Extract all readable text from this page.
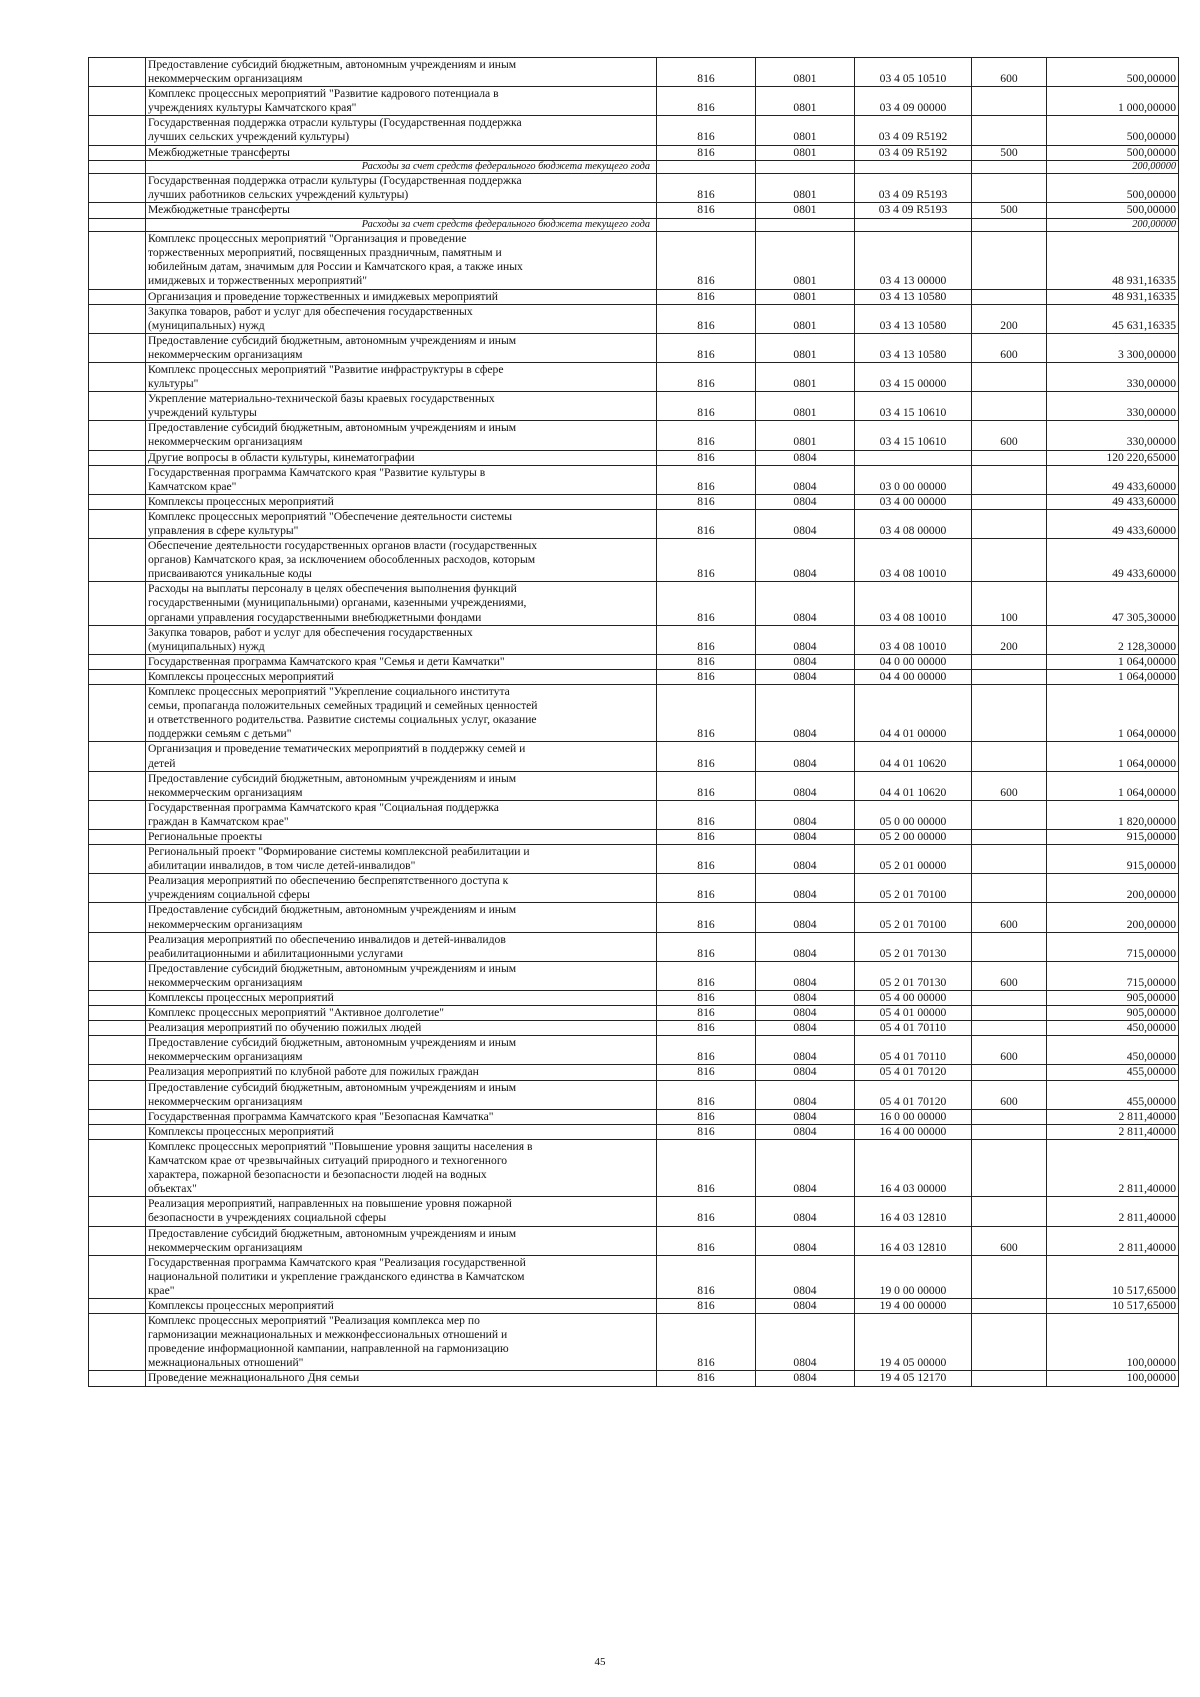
	Предоставление субсидий бюджетным, автономным учреждениям и иным
некоммерческим организациям	816	0801	03 4 05 10510	600	500,00000
	Комплекс процессных мероприятий "Развитие кадрового потенциала в
учреждениях культуры Камчатского края"	816	0801	03 4 09 00000		1 000,00000
	Государственная поддержка отрасли культуры (Государственная поддержка
лучших сельских учреждений культуры)	816	0801	03 4 09 R5192		500,00000
	Межбюджетные трансферты	816	0801	03 4 09 R5192	500	500,00000
	Расходы за счет средств федерального бюджета текущего года					200,00000
	Государственная поддержка отрасли культуры (Государственная поддержка
лучших работников сельских учреждений культуры)	816	0801	03 4 09 R5193		500,00000
	Межбюджетные трансферты	816	0801	03 4 09 R5193	500	500,00000
	Расходы за счет средств федерального бюджета текущего года					200,00000
	Комплекс процессных мероприятий "Организация и проведение
торжественных мероприятий, посвященных праздничным, памятным и
юбилейным датам, значимым для России и Камчатского края, а также иных
имиджевых и торжественных мероприятий"	816	0801	03 4 13 00000		48 931,16335
	Организация и проведение торжественных и имиджевых мероприятий	816	0801	03 4 13 10580		48 931,16335
	Закупка товаров, работ и услуг для обеспечения государственных
(муниципальных) нужд	816	0801	03 4 13 10580	200	45 631,16335
	Предоставление субсидий бюджетным, автономным учреждениям и иным
некоммерческим организациям	816	0801	03 4 13 10580	600	3 300,00000
	Комплекс процессных мероприятий "Развитие инфраструктуры в сфере
культуры"	816	0801	03 4 15 00000		330,00000
	Укрепление материально-технической базы краевых государственных
учреждений культуры	816	0801	03 4 15 10610		330,00000
	Предоставление субсидий бюджетным, автономным учреждениям и иным
некоммерческим организациям	816	0801	03 4 15 10610	600	330,00000
	Другие вопросы в области культуры, кинематографии	816	0804			120 220,65000
	Государственная программа Камчатского края "Развитие культуры в
Камчатском крае"	816	0804	03 0 00 00000		49 433,60000
	Комплексы процессных мероприятий	816	0804	03 4 00 00000		49 433,60000
	Комплекс процессных мероприятий "Обеспечение деятельности системы
управления в сфере культуры"	816	0804	03 4 08 00000		49 433,60000
	Обеспечение деятельности государственных органов власти (государственных
органов) Камчатского края, за исключением обособленных расходов, которым
присваиваются уникальные коды	816	0804	03 4 08 10010		49 433,60000
	Расходы на выплаты персоналу в целях обеспечения выполнения функций
государственными (муниципальными) органами, казенными учреждениями,
органами управления государственными внебюджетными фондами	816	0804	03 4 08 10010	100	47 305,30000
	Закупка товаров, работ и услуг для обеспечения государственных
(муниципальных) нужд	816	0804	03 4 08 10010	200	2 128,30000
	Государственная программа Камчатского края "Семья и дети Камчатки"	816	0804	04 0 00 00000		1 064,00000
	Комплексы процессных мероприятий	816	0804	04 4 00 00000		1 064,00000
	Комплекс процессных мероприятий "Укрепление социального института
семьи, пропаганда положительных семейных традиций и семейных ценностей
и ответственного родительства. Развитие системы социальных услуг, оказание
поддержки семьям с детьми"	816	0804	04 4 01 00000		1 064,00000
	Организация и проведение тематических мероприятий в поддержку семей и
детей	816	0804	04 4 01 10620		1 064,00000
	Предоставление субсидий бюджетным, автономным учреждениям и иным
некоммерческим организациям	816	0804	04 4 01 10620	600	1 064,00000
	Государственная программа Камчатского края "Социальная поддержка
граждан в Камчатском крае"	816	0804	05 0 00 00000		1 820,00000
	Региональные проекты	816	0804	05 2 00 00000		915,00000
	Региональный проект "Формирование системы комплексной реабилитации и
абилитации инвалидов, в том числе детей-инвалидов"	816	0804	05 2 01 00000		915,00000
	Реализация мероприятий по обеспечению беспрепятственного доступа к
учреждениям социальной сферы	816	0804	05 2 01 70100		200,00000
	Предоставление субсидий бюджетным, автономным учреждениям и иным
некоммерческим организациям	816	0804	05 2 01 70100	600	200,00000
	Реализация мероприятий по обеспечению инвалидов и детей-инвалидов
реабилитационными и абилитационными услугами	816	0804	05 2 01 70130		715,00000
	Предоставление субсидий бюджетным, автономным учреждениям и иным
некоммерческим организациям	816	0804	05 2 01 70130	600	715,00000
	Комплексы процессных мероприятий	816	0804	05 4 00 00000		905,00000
	Комплекс процессных мероприятий "Активное долголетие"	816	0804	05 4 01 00000		905,00000
	Реализация мероприятий по обучению пожилых людей	816	0804	05 4 01 70110		450,00000
	Предоставление субсидий бюджетным, автономным учреждениям и иным
некоммерческим организациям	816	0804	05 4 01 70110	600	450,00000
	Реализация мероприятий по клубной работе для пожилых граждан	816	0804	05 4 01 70120		455,00000
	Предоставление субсидий бюджетным, автономным учреждениям и иным
некоммерческим организациям	816	0804	05 4 01 70120	600	455,00000
	Государственная программа Камчатского края "Безопасная Камчатка"	816	0804	16 0 00 00000		2 811,40000
	Комплексы процессных мероприятий	816	0804	16 4 00 00000		2 811,40000
	Комплекс процессных мероприятий "Повышение уровня защиты населения в
Камчатском крае от чрезвычайных ситуаций природного и техногенного
характера, пожарной безопасности и безопасности людей на водных
объектах"	816	0804	16 4 03 00000		2 811,40000
	Реализация мероприятий, направленных на повышение уровня пожарной
безопасности в учреждениях социальной сферы	816	0804	16 4 03 12810		2 811,40000
	Предоставление субсидий бюджетным, автономным учреждениям и иным
некоммерческим организациям	816	0804	16 4 03 12810	600	2 811,40000
	Государственная программа Камчатского края "Реализация государственной
национальной политики и укрепление гражданского единства в Камчатском
крае"	816	0804	19 0 00 00000		10 517,65000
	Комплексы процессных мероприятий	816	0804	19 4 00 00000		10 517,65000
	Комплекс процессных мероприятий "Реализация комплекса мер по
гармонизации межнациональных и межконфессиональных отношений и
проведение информационной кампании, направленной на гармонизацию
межнациональных отношений"	816	0804	19 4 05 00000		100,00000
	Проведение межнационального Дня семьи	816	0804	19 4 05 12170		100,00000
45
